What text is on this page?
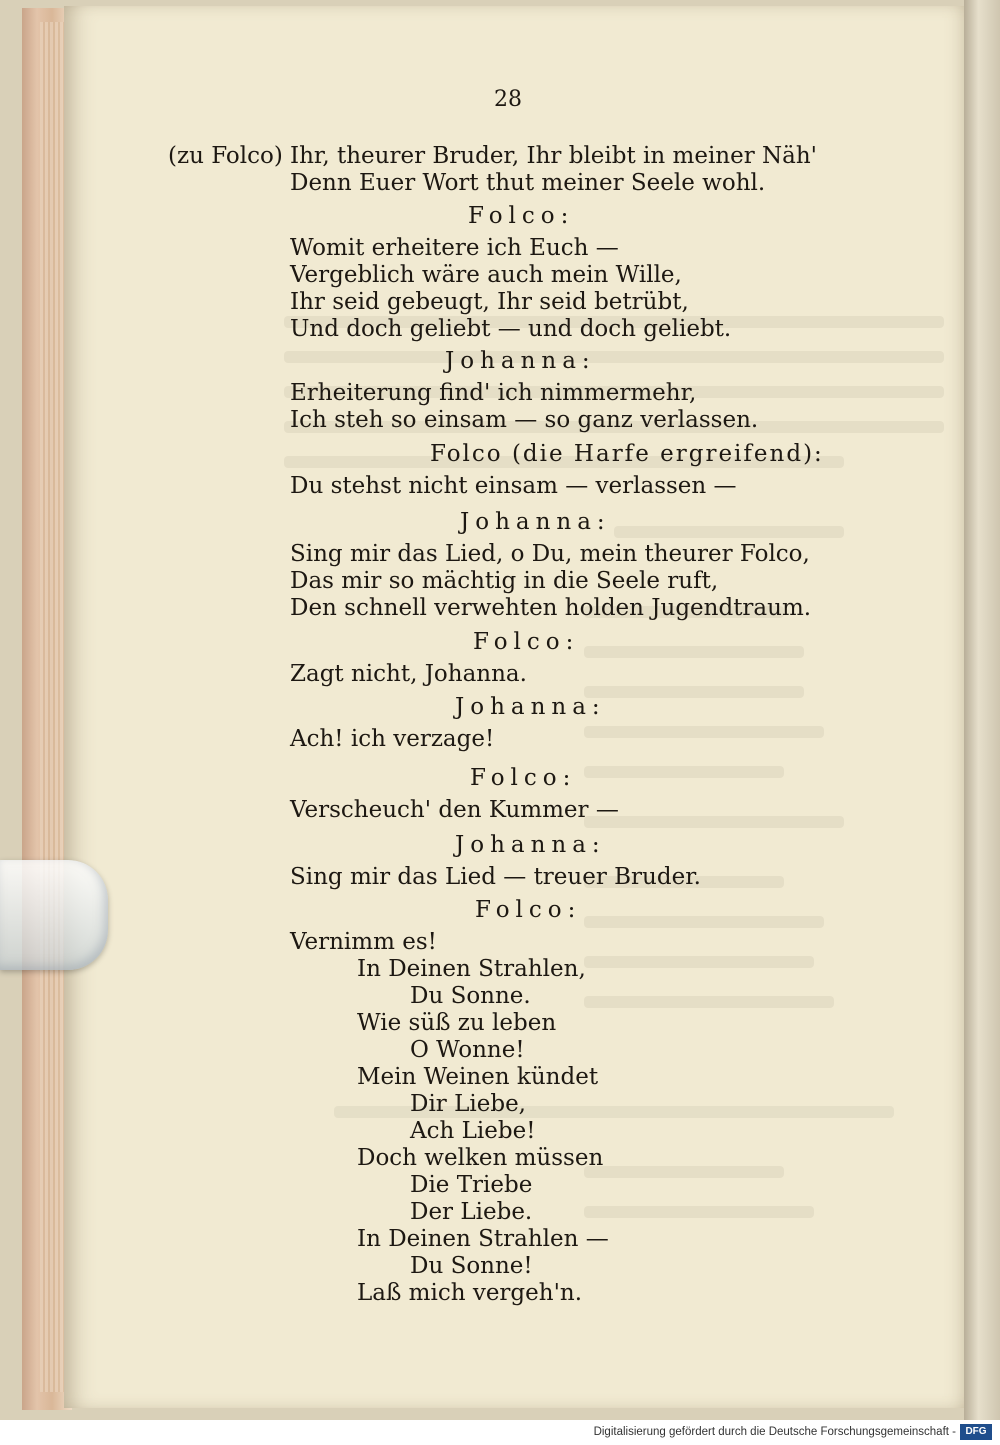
28
(zu Folco) Ihr, theurer Bruder, Ihr bleibt in meiner Näh'
Denn Euer Wort thut meiner Seele wohl.
Folco:
Womit erheitere ich Euch —
Vergeblich wäre auch mein Wille,
Ihr seid gebeugt, Ihr seid betrübt,
Und doch geliebt — und doch geliebt.
Johanna:
Erheiterung find' ich nimmermehr,
Ich steh so einsam — so ganz verlassen.
Folco (die Harfe ergreifend):
Du stehst nicht einsam — verlassen —
Johanna:
Sing mir das Lied, o Du, mein theurer Folco,
Das mir so mächtig in die Seele ruft,
Den schnell verwehten holden Jugendtraum.
Folco:
Zagt nicht, Johanna.
Johanna:
Ach! ich verzage!
Folco:
Verscheuch' den Kummer —
Johanna:
Sing mir das Lied — treuer Bruder.
Folco:
Vernimm es!
In Deinen Strahlen,
Du Sonne.
Wie süß zu leben
O Wonne!
Mein Weinen kündet
Dir Liebe,
Ach Liebe!
Doch welken müssen
Die Triebe
Der Liebe.
In Deinen Strahlen —
Du Sonne!
Laß mich vergeh'n.
Digitalisierung gefördert durch die Deutsche Forschungsgemeinschaft - DFG
